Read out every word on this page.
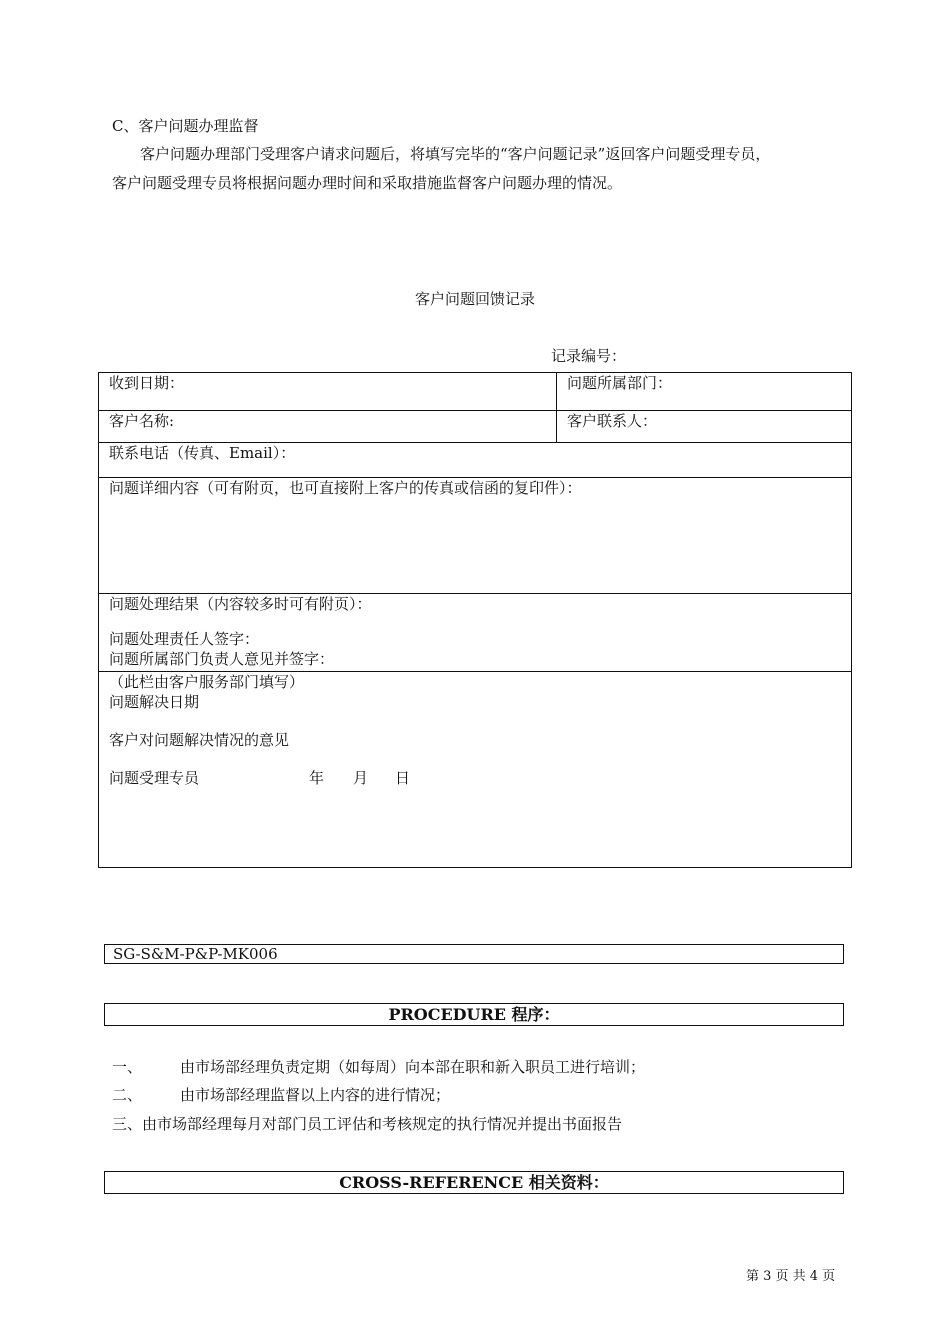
C、客户问题办理监督
客户问题办理部门受理客户请求问题后，将填写完毕的“客户问题记录”返回客户问题受理专员，
客户问题受理专员将根据问题办理时间和采取措施监督客户问题办理的情况。
客户问题回馈记录
记录编号：
收到日期：	问题所属部门：
客户名称:	客户联系人：
联系电话（传真、Email）：	

问题详细内容（可有附页，也可直接附上客户的传真或信函的复印件）：	

问题处理结果（内容较多时可有附页）：
问题处理责任人签字：
问题所属部门负责人意见并签字：	

（此栏由客户服务部门填写）
问题解决日期
客户对问题解决情况的意见
问题受理专员 年 月 日	
SG-S&M-P&P-MK006
PROCEDURE 程序：
一、	由市场部经理负责定期（如每周）向本部在职和新入职员工进行培训；
二、	由市场部经理监督以上内容的进行情况；
三、由市场部经理每月对部门员工评估和考核规定的执行情况并提出书面报告
CROSS-REFERENCE 相关资料：
第 3 页 共 4 页
